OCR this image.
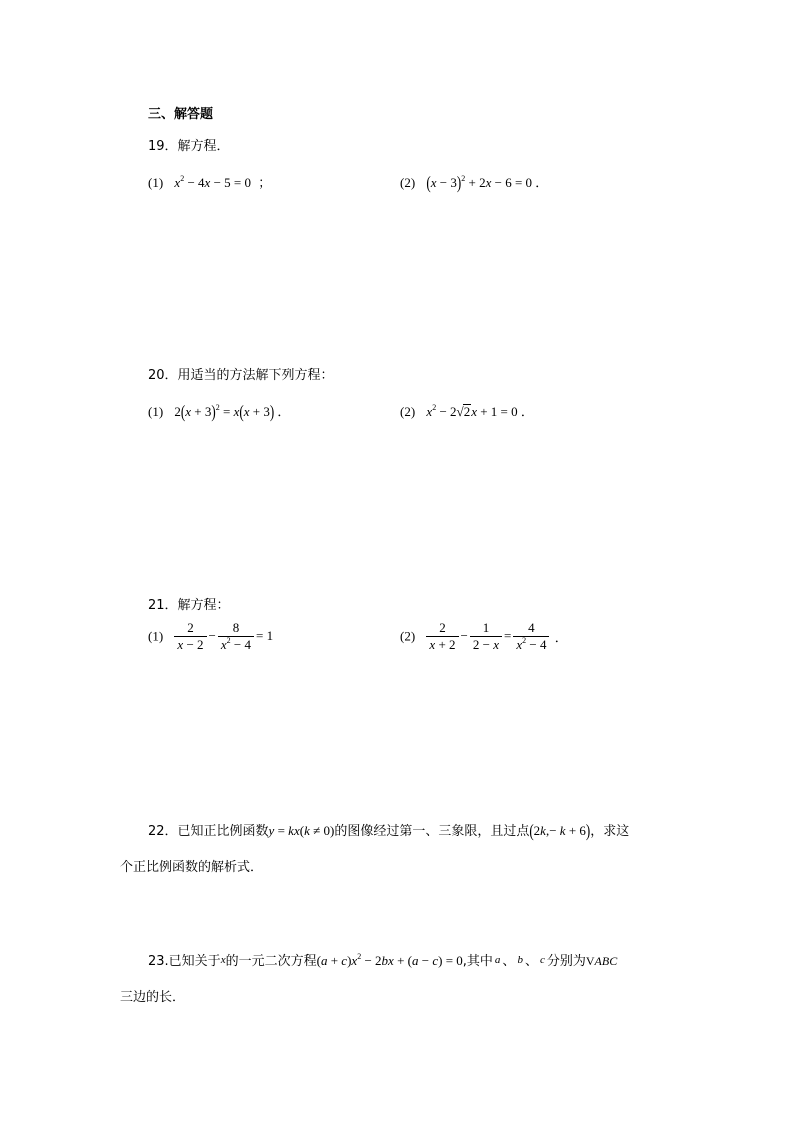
三、解答题
19．解方程．
(1) $x^2 - 4x - 5 = 0$ ；	(2) $(x - 3)^2 + 2x - 6 = 0$ ．
20．用适当的方法解下列方程：
(1) $2(x + 3)^2 = x(x + 3)$ ．	(2) $x^2 - 2√2x + 1 = 0$ ．
21．解方程：
$(1) \frac{2}{x - 2} - \frac{8}{x^2 - 4} = 1$	$(2) \frac{2}{x + 2} - \frac{1}{2 - x} = \frac{4}{x^2 - 4}$ ．
22．已知正比例函数y = kx(k ≠ 0)的图像经过第一、三象限，且过点(2k,− k + 6)，求这
个正比例函数的解析式．
23.已知关于x的一元二次方程$(a + c)x^2 - 2bx + (a - c) = 0$,其中 a 、 b 、 c 分别为VABC
三边的长．
